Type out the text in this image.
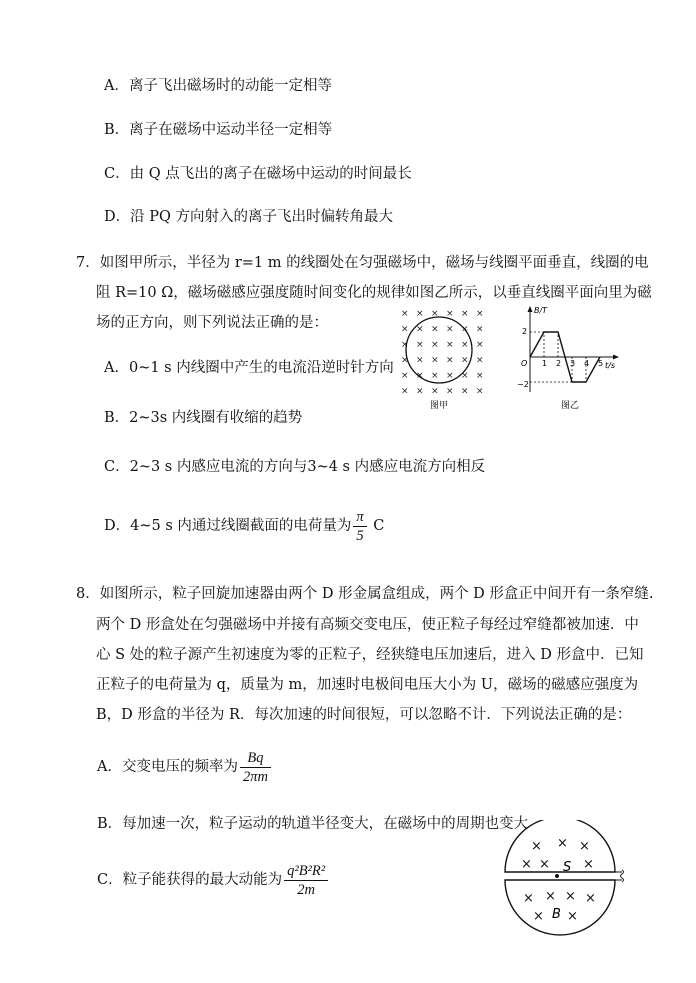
A．离子飞出磁场时的动能一定相等
B．离子在磁场中运动半径一定相等
C．由 Q 点飞出的离子在磁场中运动的时间最长
D．沿 PQ 方向射入的离子飞出时偏转角最大
7．如图甲所示，半径为 r=1 m 的线圈处在匀强磁场中，磁场与线圈平面垂直，线圈的电
阻 R=10 Ω，磁场磁感应强度随时间变化的规律如图乙所示，以垂直线圈平面向里为磁
场的正方向，则下列说法正确的是：
A．0~1 s 内线圈中产生的电流沿逆时针方向
B．2~3s 内线圈有收缩的趋势
C．2~3 s 内感应电流的方向与3~4 s 内感应电流方向相反
D．4~5 s 内通过线圈截面的电荷量为 $\frac{\pi}{5}$ C
× × × × × ×
× × × × × ×
× × × × × ×
× × × × × ×
× × × × × ×
× × × × × ×
图甲
B/T
t/s
2
−2
O 1 2 3 4 5
图乙
8．如图所示，粒子回旋加速器由两个 D 形金属盒组成，两个 D 形盒正中间开有一条窄缝.
两个 D 形盒处在匀强磁场中并接有高频交变电压，使正粒子每经过窄缝都被加速．中
心 S 处的粒子源产生初速度为零的正粒子，经狭缝电压加速后，进入 D 形盒中．已知
正粒子的电荷量为 q，质量为 m，加速时电极间电压大小为 U，磁场的磁感应强度为
B，D 形盒的半径为 R．每次加速的时间很短，可以忽略不计．下列说法正确的是：
A．交变电压的频率为 $\frac{Bq}{2\pi m}$
B．每加速一次，粒子运动的轨道半径变大，在磁场中的周期也变大
C．粒子能获得的最大动能为 $\frac{\text{q²B²R²}}{2m}$	S
B
× × ×
× ×	×
× × × ×
× ×
